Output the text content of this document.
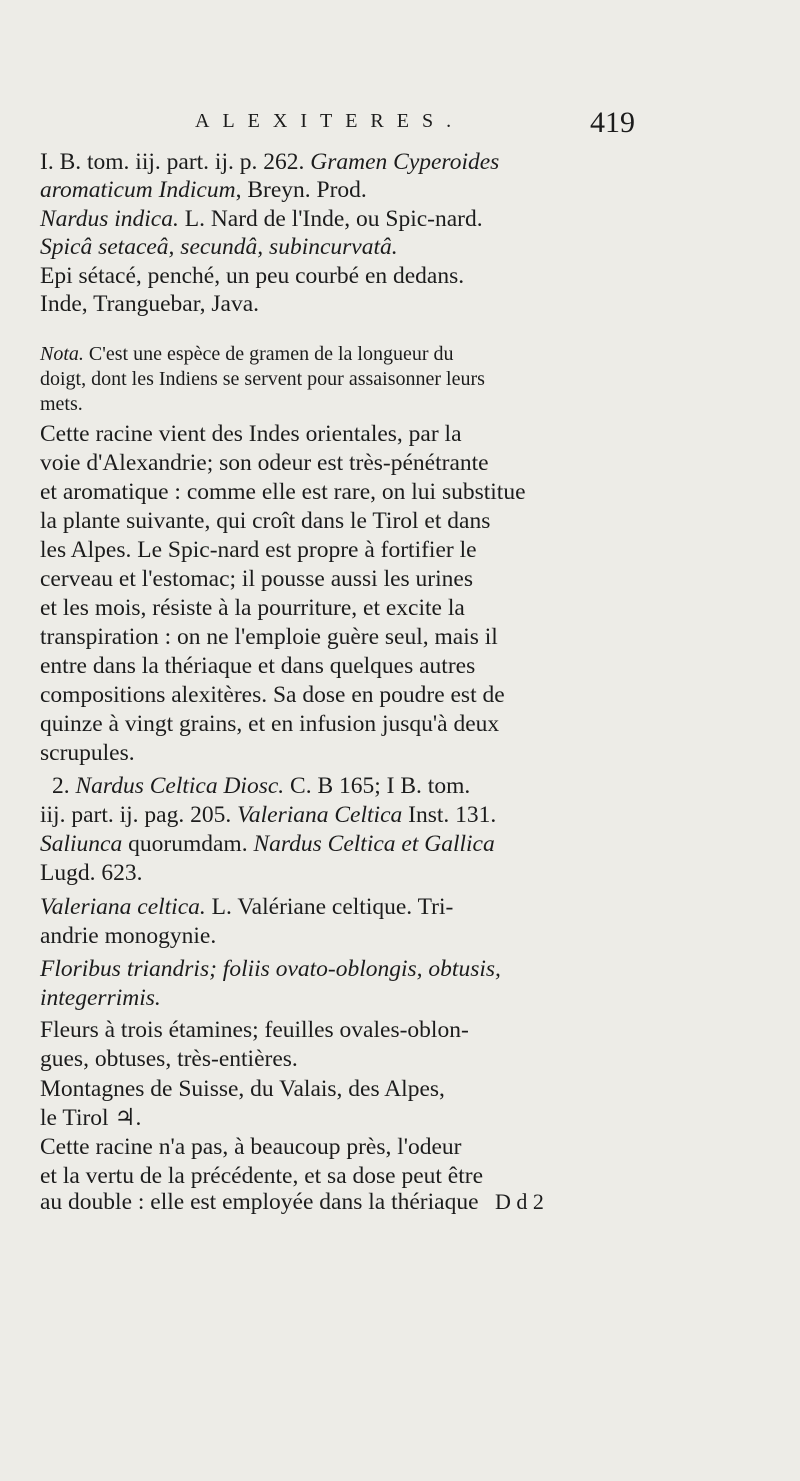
ALEXITERES.	419
I. B. tom. iij. part. ij. p. 262. Gramen Cyperoides
aromaticum Indicum, Breyn. Prod.
Nardus indica. L. Nard de l'Inde, ou Spic-nard.
Spicâ setaceâ, secundâ, subincurvatâ.
Epi sétacé, penché, un peu courbé en dedans.
Inde, Tranguebar, Java.
Nota. C'est une espèce de gramen de la longueur du
doigt, dont les Indiens se servent pour assaisonner leurs
mets.
Cette racine vient des Indes orientales, par la
voie d'Alexandrie; son odeur est très-pénétrante
et aromatique : comme elle est rare, on lui substitue
la plante suivante, qui croît dans le Tirol et dans
les Alpes. Le Spic-nard est propre à fortifier le
cerveau et l'estomac; il pousse aussi les urines
et les mois, résiste à la pourriture, et excite la
transpiration : on ne l'emploie guère seul, mais il
entre dans la thériaque et dans quelques autres
compositions alexitères. Sa dose en poudre est de
quinze à vingt grains, et en infusion jusqu'à deux
scrupules.
2. Nardus Celtica Diosc. C. B 165; I B. tom.
iij. part. ij. pag. 205. Valeriana Celtica Inst. 131.
Saliunca quorumdam. Nardus Celtica et Gallica
Lugd. 623.
Valeriana celtica. L. Valériane celtique. Tri-
andrie monogynie.
Floribus triandris; foliis ovato-oblongis, obtusis,
integerrimis.
Fleurs à trois étamines; feuilles ovales-oblon-
gues, obtuses, très-entières.
Montagnes de Suisse, du Valais, des Alpes,
le Tirol ♃.
Cette racine n'a pas, à beaucoup près, l'odeur
et la vertu de la précédente, et sa dose peut être
au double : elle est employée dans la thériaque D d 2
